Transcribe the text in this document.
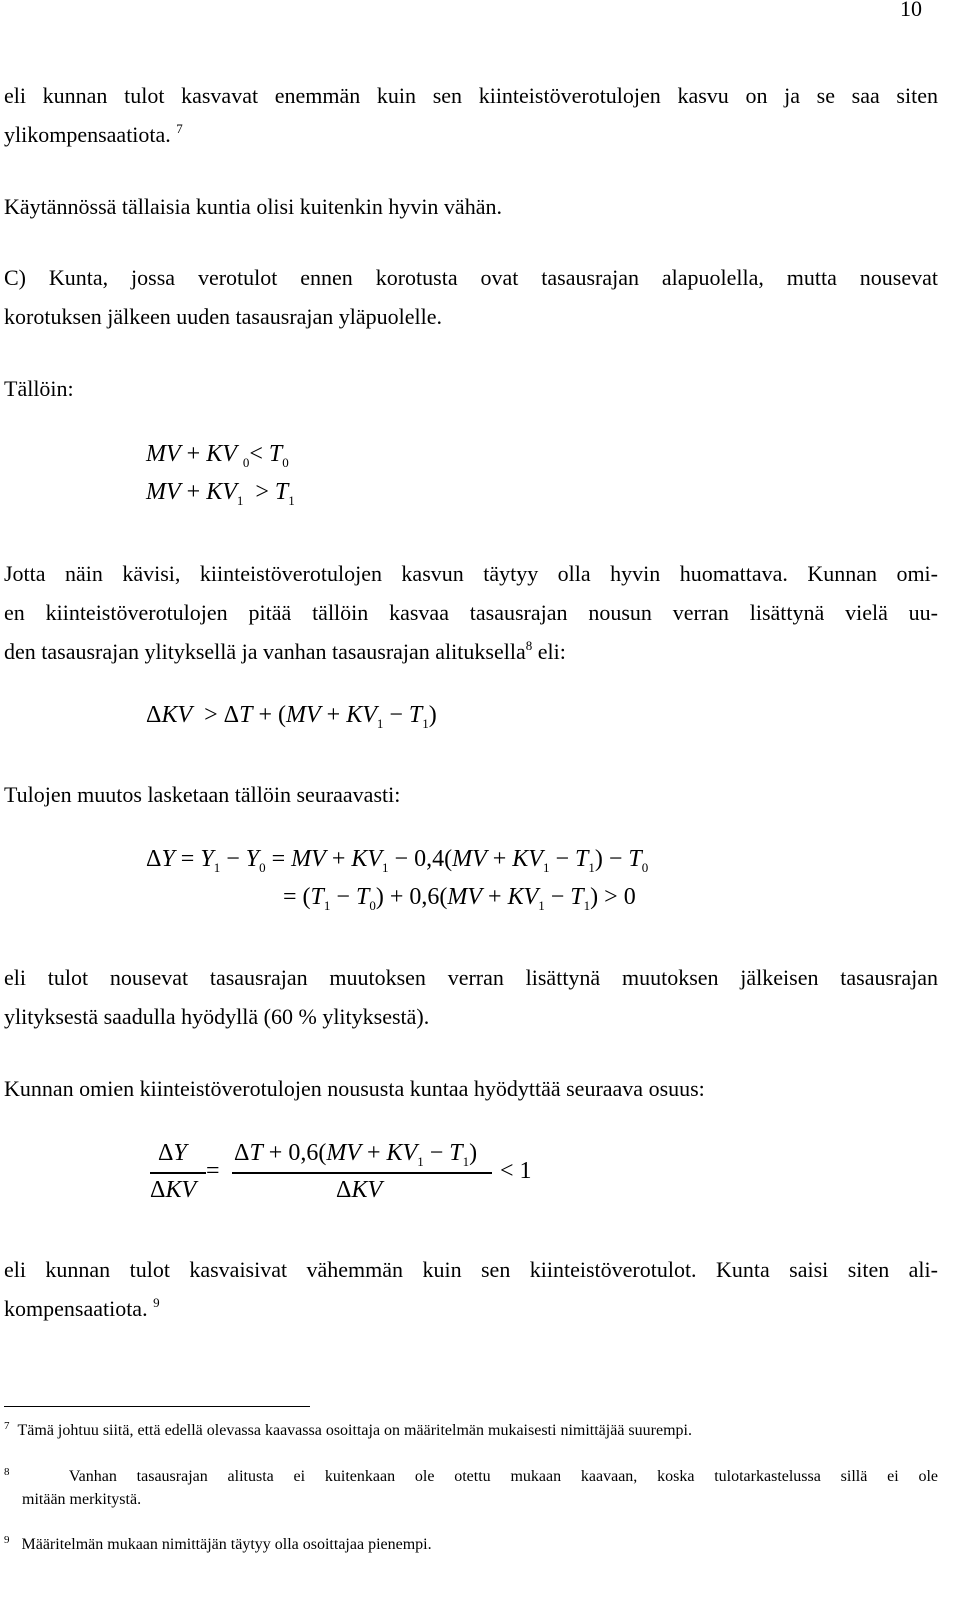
10
eli kunnan tulot kasvavat enemmän kuin sen kiinteistöverotulojen kasvu on ja se saa siten
ylikompensaatiota. $^7$
Käytännössä tällaisia kuntia olisi kuitenkin hyvin vähän.
C) Kunta, jossa verotulot ennen korotusta ovat tasausrajan alapuolella, mutta nousevat
korotuksen jälkeen uuden tasausrajan yläpuolelle.
Tällöin:
MV + KV $_0< T_0$
MV + $KV_1 > T_1$
Jotta näin kävisi, kiinteistöverotulojen kasvun täytyy olla hyvin huomattava. Kunnan omi-
en kiinteistöverotulojen pitää tällöin kasvaa tasausrajan nousun verran lisättynä vielä uu-
den tasausrajan ylityksellä ja vanhan tasausrajan alituksella$^8$ eli:
$\Delta KV > \Delta T + (MV + KV_1 - T_1)$
Tulojen muutos lasketaan tällöin seuraavasti:
$\Delta Y = Y_1 - Y_0$ = MV + $KV_1 - 0,4(MV + KV_1 - T_1) - T_0$
= $(T_1 - T_0) + 0,6(MV + KV_1 - T_1) > 0$
eli tulot nousevat tasausrajan muutoksen verran lisättynä muutoksen jälkeisen tasausrajan
ylityksestä saadulla hyödyllä (60 % ylityksestä).
Kunnan omien kiinteistöverotulojen noususta kuntaa hyödyttää seuraava osuus:
ΔY
ΔKV
=
$\Delta T + 0,6(MV + KV_1 - T_1)$
ΔKV
< 1
eli kunnan tulot kasvaisivat vähemmän kuin sen kiinteistöverotulot. Kunta saisi siten ali-
kompensaatiota. $^9$
$^7$ Tämä johtuu siitä, että edellä olevassa kaavassa osoittaja on määritelmän mukaisesti nimittäjää suurempi.
$^8$	Vanhan tasausrajan alitusta ei kuitenkaan ole otettu mukaan kaavaan, koska tulotarkastelussa sillä ei ole
mitään merkitystä.
$^9$ Määritelmän mukaan nimittäjän täytyy olla osoittajaa pienempi.
